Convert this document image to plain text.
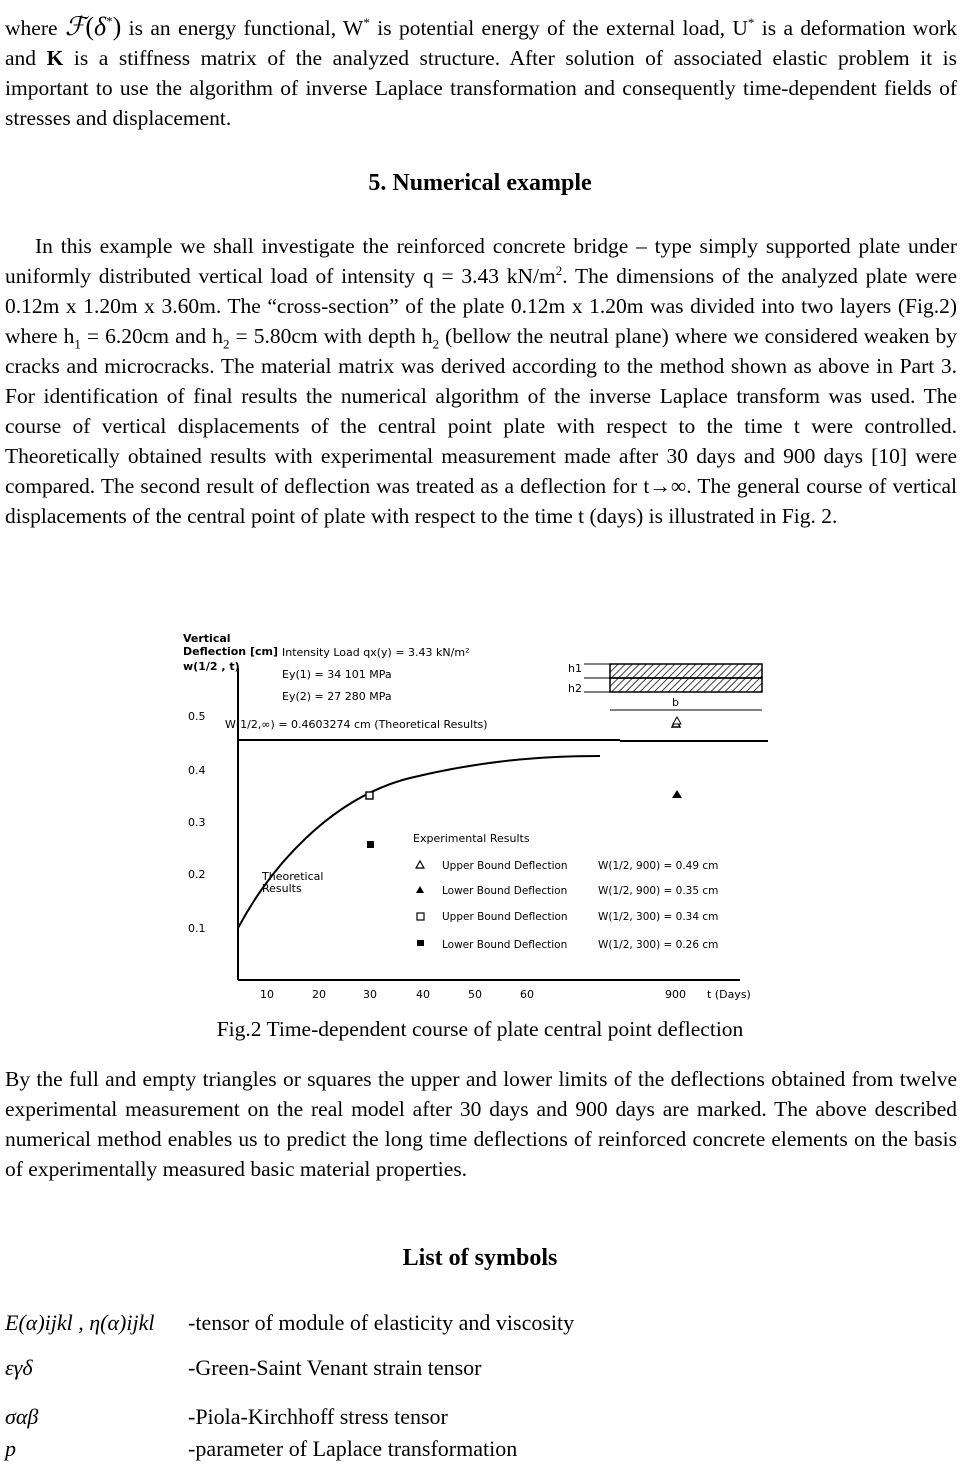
where ℱ(δ*) is an energy functional, W* is potential energy of the external load, U* is a deformation work and K is a stiffness matrix of the analyzed structure. After solution of associated elastic problem it is important to use the algorithm of inverse Laplace transformation and consequently time-dependent fields of stresses and displacement.

5. Numerical example

In this example we shall investigate the reinforced concrete bridge – type simply supported plate under uniformly distributed vertical load of intensity q = 3.43 $kN/m^2$. The dimensions of the analyzed plate were 0.12m x 1.20m x 3.60m. The “cross-section” of the plate 0.12m x 1.20m was divided into two layers (Fig.2) where $h_1 = 6.20cm$ and $h_2 = 5.80cm$ with depth $h_2$ (bellow the neutral plane) where we considered weaken by cracks and microcracks. The material matrix was derived according to the method shown as above in Part 3. For identification of final results the numerical algorithm of the inverse Laplace transform was used. The course of vertical displacements of the central point plate with respect to the time t were controlled. Theoretically obtained results with experimental measurement made after 30 days and 900 days [10] were compared. The second result of deflection was treated as a deflection for t→∞. The general course of vertical displacements of the central point of plate with respect to the time t (days) is illustrated in Fig. 2.

Vertical
Deflection [cm]
w(1/2 , t)
0.5
0.4
0.3
0.2
0.1
10	20	30	40	50	60	900 t (Days)
Intensity Load qx(y) = 3.43 kN/m²
Ey(1) = 34 101 MPa
Ey(2) = 27 280 MPa
W(1/2,∞) = 0.4603274 cm (Theoretical Results)
Theoretical
Results
h1
h2
b
Experimental Results
Upper Bound Deflection	W(1/2, 900) = 0.49 cm
Lower Bound Deflection	W(1/2, 900) = 0.35 cm
Upper Bound Deflection	W(1/2, 300) = 0.34 cm
Lower Bound Deflection	W(1/2, 300) = 0.26 cm

Fig.2 Time-dependent course of plate central point deflection

By the full and empty triangles or squares the upper and lower limits of the deflections obtained from twelve experimental measurement on the real model after 30 days and 900 days are marked. The above described numerical method enables us to predict the long time deflections of reinforced concrete elements on the basis of experimentally measured basic material properties.

List of symbols
E(α)ijkl , η(α)ijkl -tensor of module of elasticity and viscosity
εγδ	-Green-Saint Venant strain tensor
σαβ	-Piola-Kirchhoff stress tensor
p	-parameter of Laplace transformation
